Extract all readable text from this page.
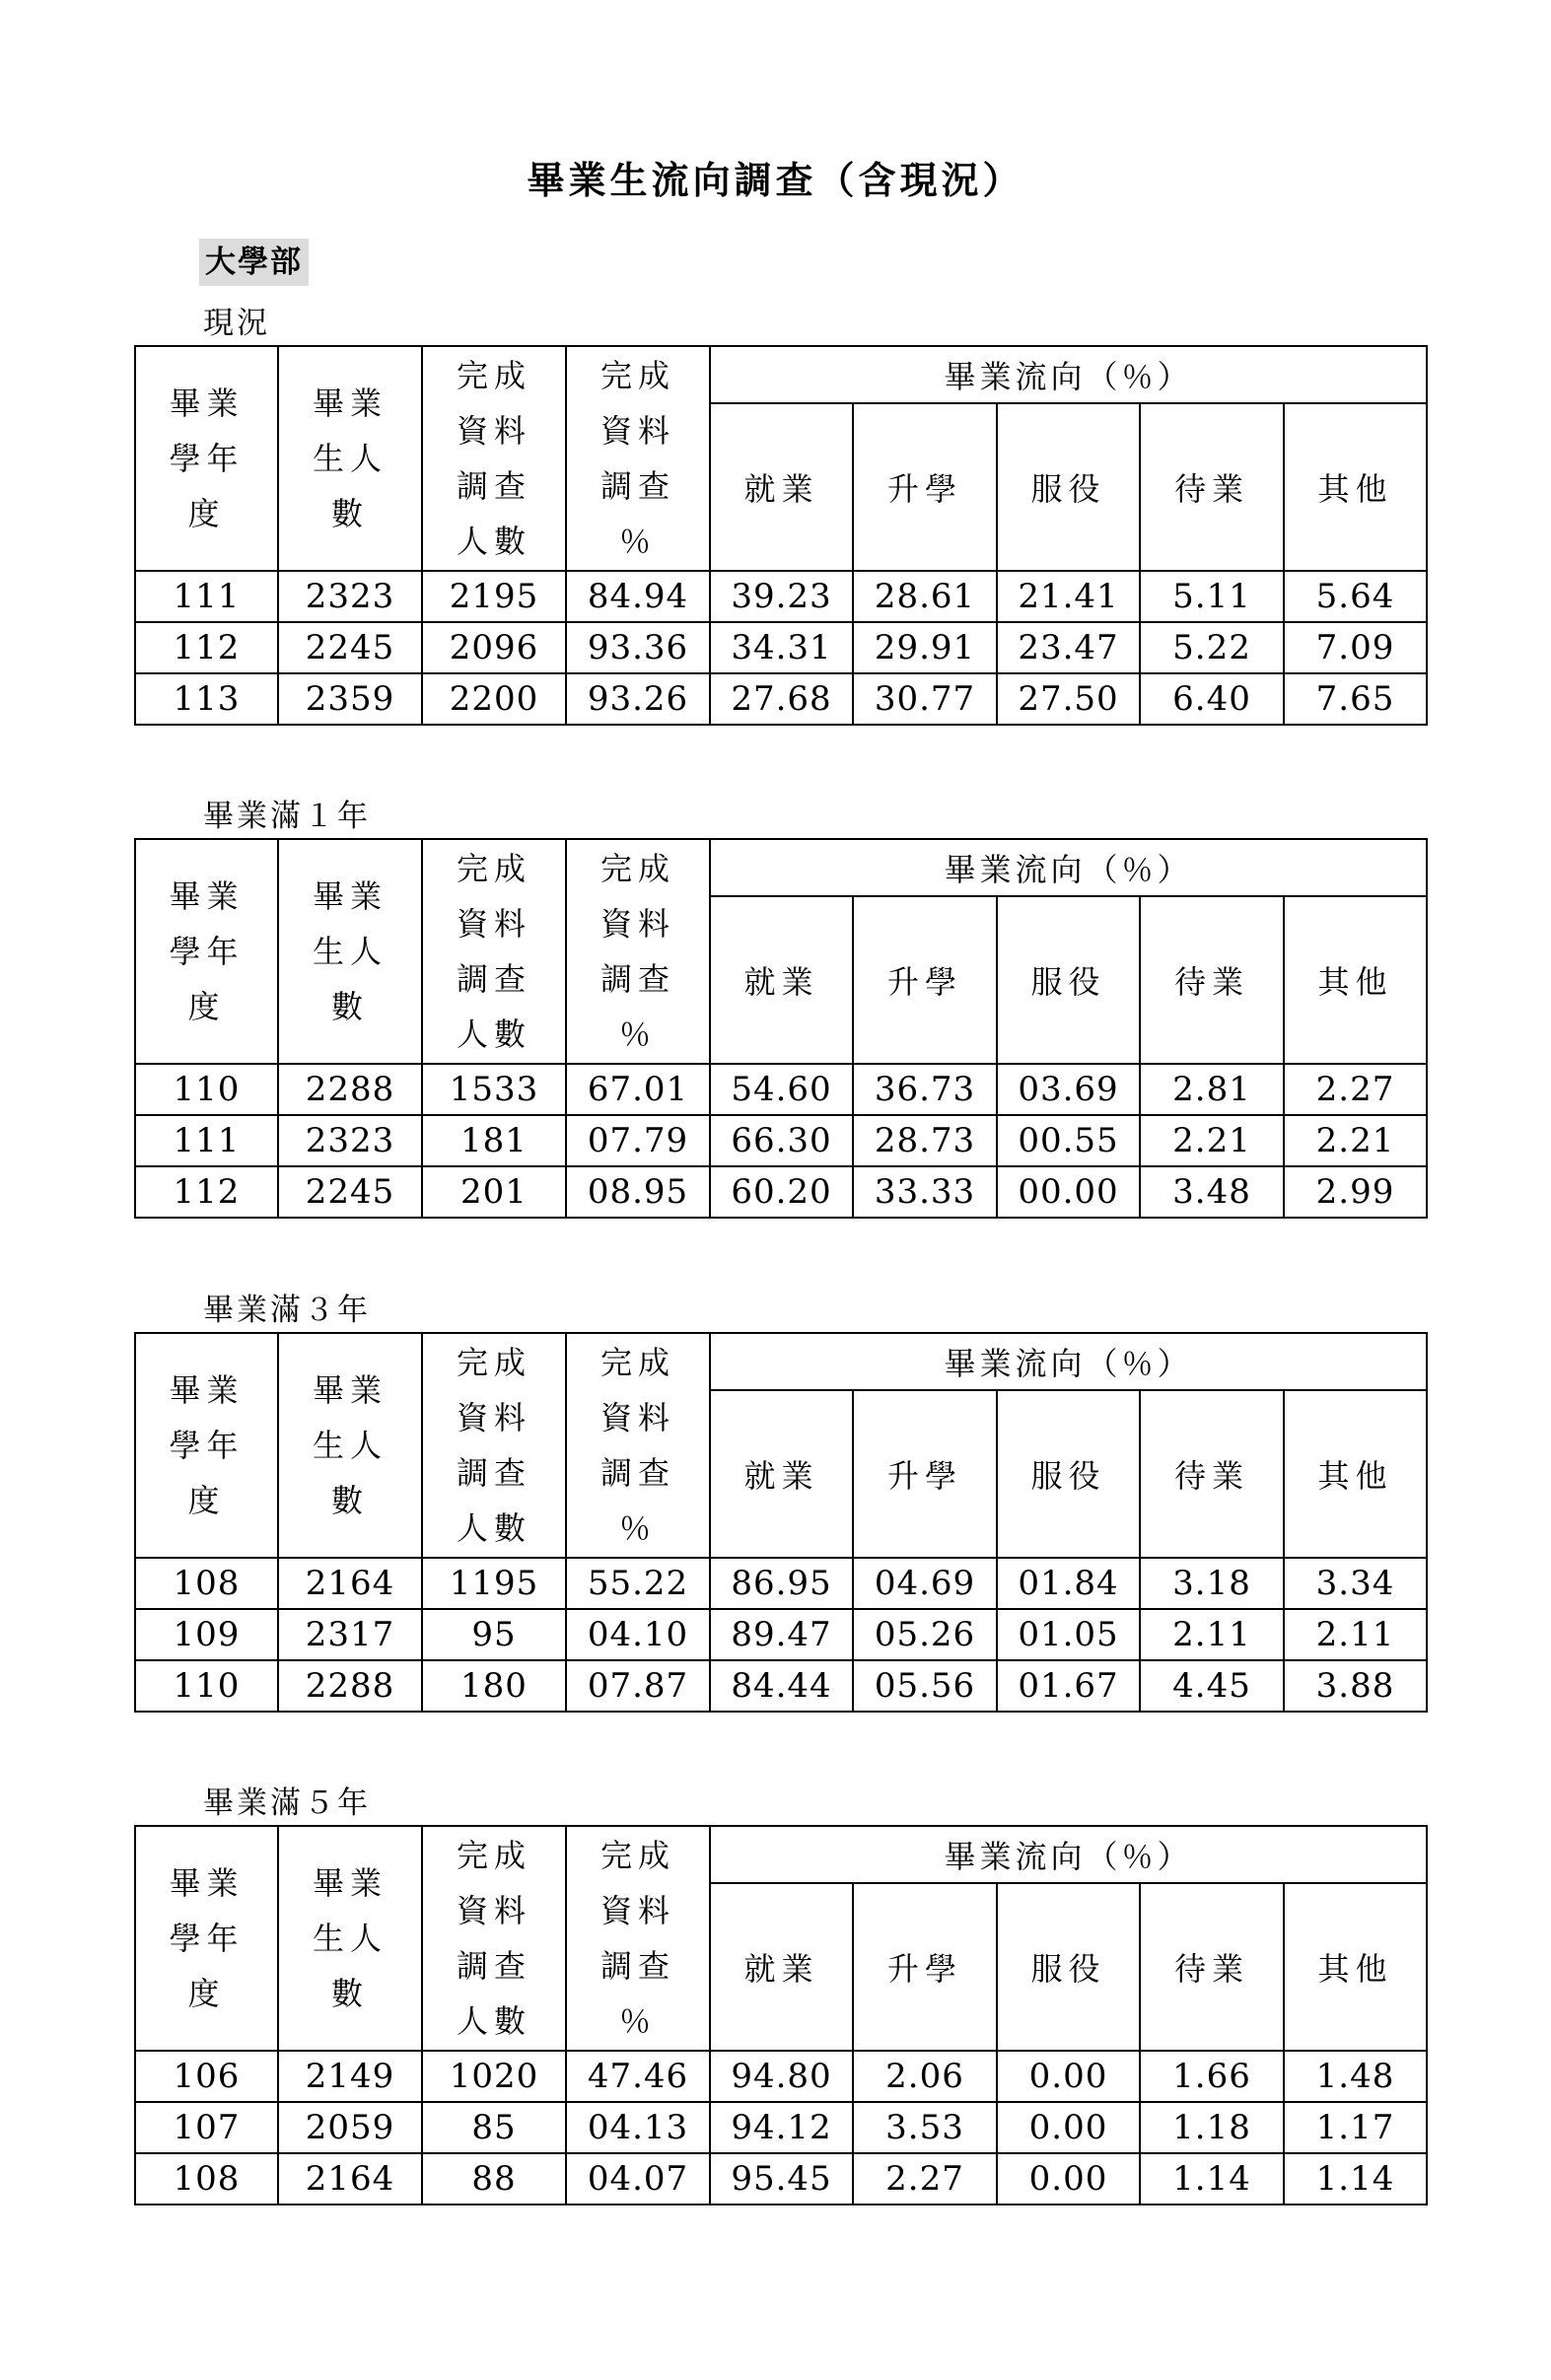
畢業生流向調查（含現況）
大學部
現況
畢業
學年
度	畢業
生人
數	完成
資料
調查
人數	完成
資料
調查
％	畢業流向（％）				
				就業	升學	服役	待業	其他
111	2323	2195	84.94	39.23	28.61	21.41	5.11	5.64
112	2245	2096	93.36	34.31	29.91	23.47	5.22	7.09
113	2359	2200	93.26	27.68	30.77	27.50	6.40	7.65
畢業滿１年
畢業
學年
度	畢業
生人
數	完成
資料
調查
人數	完成
資料
調查
％	畢業流向（％）				
				就業	升學	服役	待業	其他
110	2288	1533	67.01	54.60	36.73	03.69	2.81	2.27
111	2323	181	07.79	66.30	28.73	00.55	2.21	2.21
112	2245	201	08.95	60.20	33.33	00.00	3.48	2.99
畢業滿３年
畢業
學年
度	畢業
生人
數	完成
資料
調查
人數	完成
資料
調查
％	畢業流向（％）				
				就業	升學	服役	待業	其他
108	2164	1195	55.22	86.95	04.69	01.84	3.18	3.34
109	2317	95	04.10	89.47	05.26	01.05	2.11	2.11
110	2288	180	07.87	84.44	05.56	01.67	4.45	3.88
畢業滿５年
畢業
學年
度	畢業
生人
數	完成
資料
調查
人數	完成
資料
調查
％	畢業流向（％）				
				就業	升學	服役	待業	其他
106	2149	1020	47.46	94.80	2.06	0.00	1.66	1.48
107	2059	85	04.13	94.12	3.53	0.00	1.18	1.17
108	2164	88	04.07	95.45	2.27	0.00	1.14	1.14
